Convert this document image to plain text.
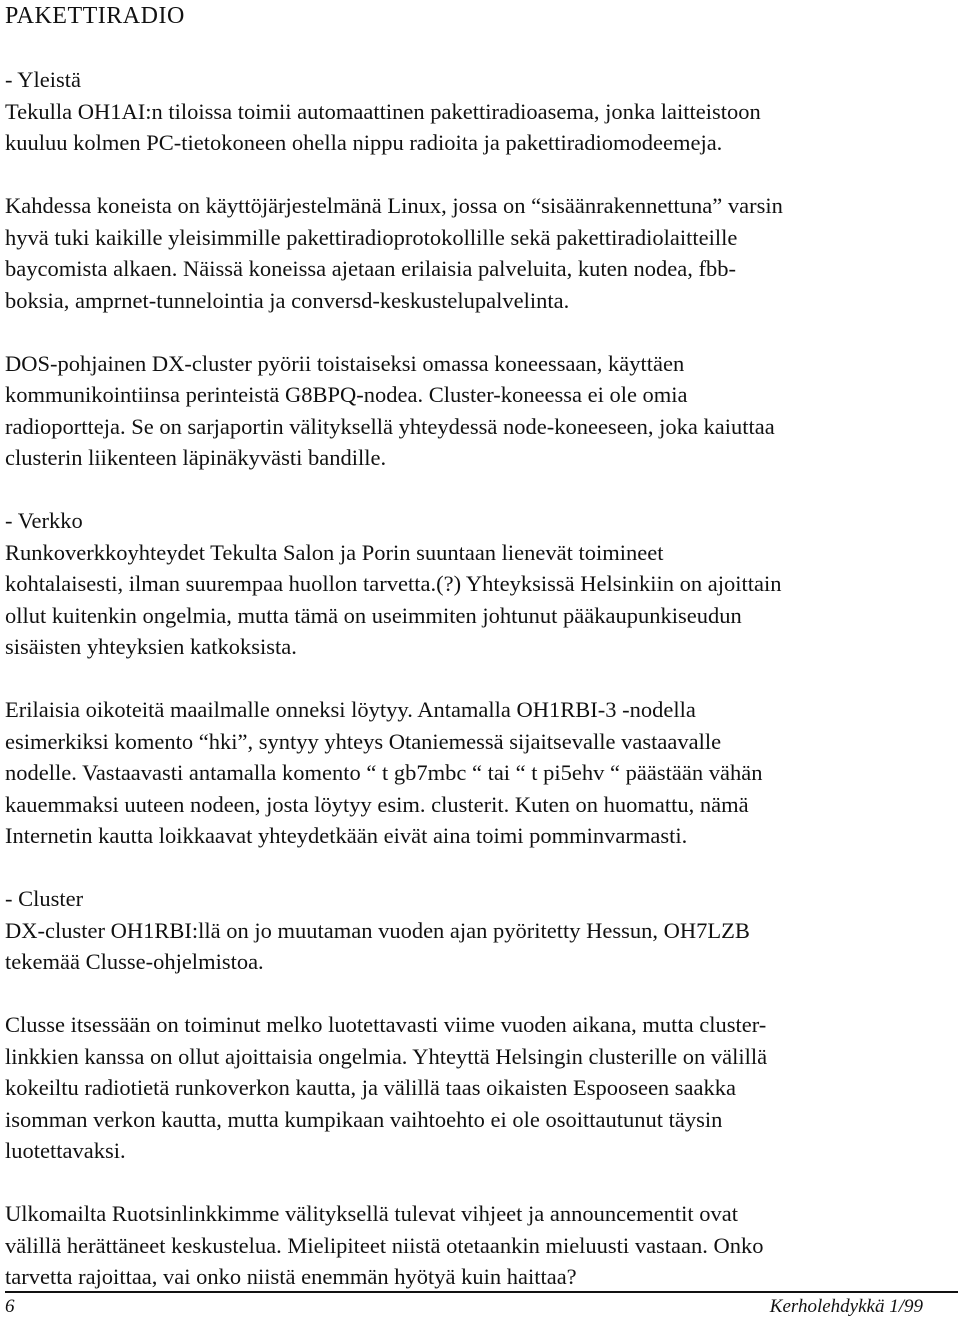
PAKETTIRADIO

- Yleistä

Tekulla OH1AI:n tiloissa toimii automaattinen pakettiradioasema, jonka laitteistoon
kuuluu kolmen PC-tietokoneen ohella nippu radioita ja pakettiradiomodeemeja.

Kahdessa koneista on käyttöjärjestelmänä Linux, jossa on “sisäänrakennettuna” varsin
hyvä tuki kaikille yleisimmille pakettiradioprotokollille sekä pakettiradiolaitteille
baycomista alkaen. Näissä koneissa ajetaan erilaisia palveluita, kuten nodea, fbb-
boksia, amprnet-tunnelointia ja conversd-keskustelupalvelinta.

DOS-pohjainen DX-cluster pyörii toistaiseksi omassa koneessaan, käyttäen
kommunikointiinsa perinteistä G8BPQ-nodea. Cluster-koneessa ei ole omia
radioportteja. Se on sarjaportin välityksellä yhteydessä node-koneeseen, joka kaiuttaa
clusterin liikenteen läpinäkyvästi bandille.

- Verkko

Runkoverkkoyhteydet Tekulta Salon ja Porin suuntaan lienevät toimineet
kohtalaisesti, ilman suurempaa huollon tarvetta.(?) Yhteyksissä Helsinkiin on ajoittain
ollut kuitenkin ongelmia, mutta tämä on useimmiten johtunut pääkaupunkiseudun
sisäisten yhteyksien katkoksista.

Erilaisia oikoteitä maailmalle onneksi löytyy. Antamalla OH1RBI-3 -nodella
esimerkiksi komento “hki”, syntyy yhteys Otaniemessä sijaitsevalle vastaavalle
nodelle. Vastaavasti antamalla komento “ t gb7mbc “ tai “ t pi5ehv “ päästään vähän
kauemmaksi uuteen nodeen, josta löytyy esim. clusterit. Kuten on huomattu, nämä
Internetin kautta loikkaavat yhteydetkään eivät aina toimi pomminvarmasti.

- Cluster

DX-cluster OH1RBI:llä on jo muutaman vuoden ajan pyöritetty Hessun, OH7LZB
tekemää Clusse-ohjelmistoa.

Clusse itsessään on toiminut melko luotettavasti viime vuoden aikana, mutta cluster-
linkkien kanssa on ollut ajoittaisia ongelmia. Yhteyttä Helsingin clusterille on välillä
kokeiltu radiotietä runkoverkon kautta, ja välillä taas oikaisten Espooseen saakka
isomman verkon kautta, mutta kumpikaan vaihtoehto ei ole osoittautunut täysin
luotettavaksi.

Ulkomailta Ruotsinlinkkimme välityksellä tulevat vihjeet ja announcementit ovat
välillä herättäneet keskustelua. Mielipiteet niistä otetaankin mieluusti vastaan. Onko
tarvetta rajoittaa, vai onko niistä enemmän hyötyä kuin haittaa?

6	Kerholehdykkä 1/99
